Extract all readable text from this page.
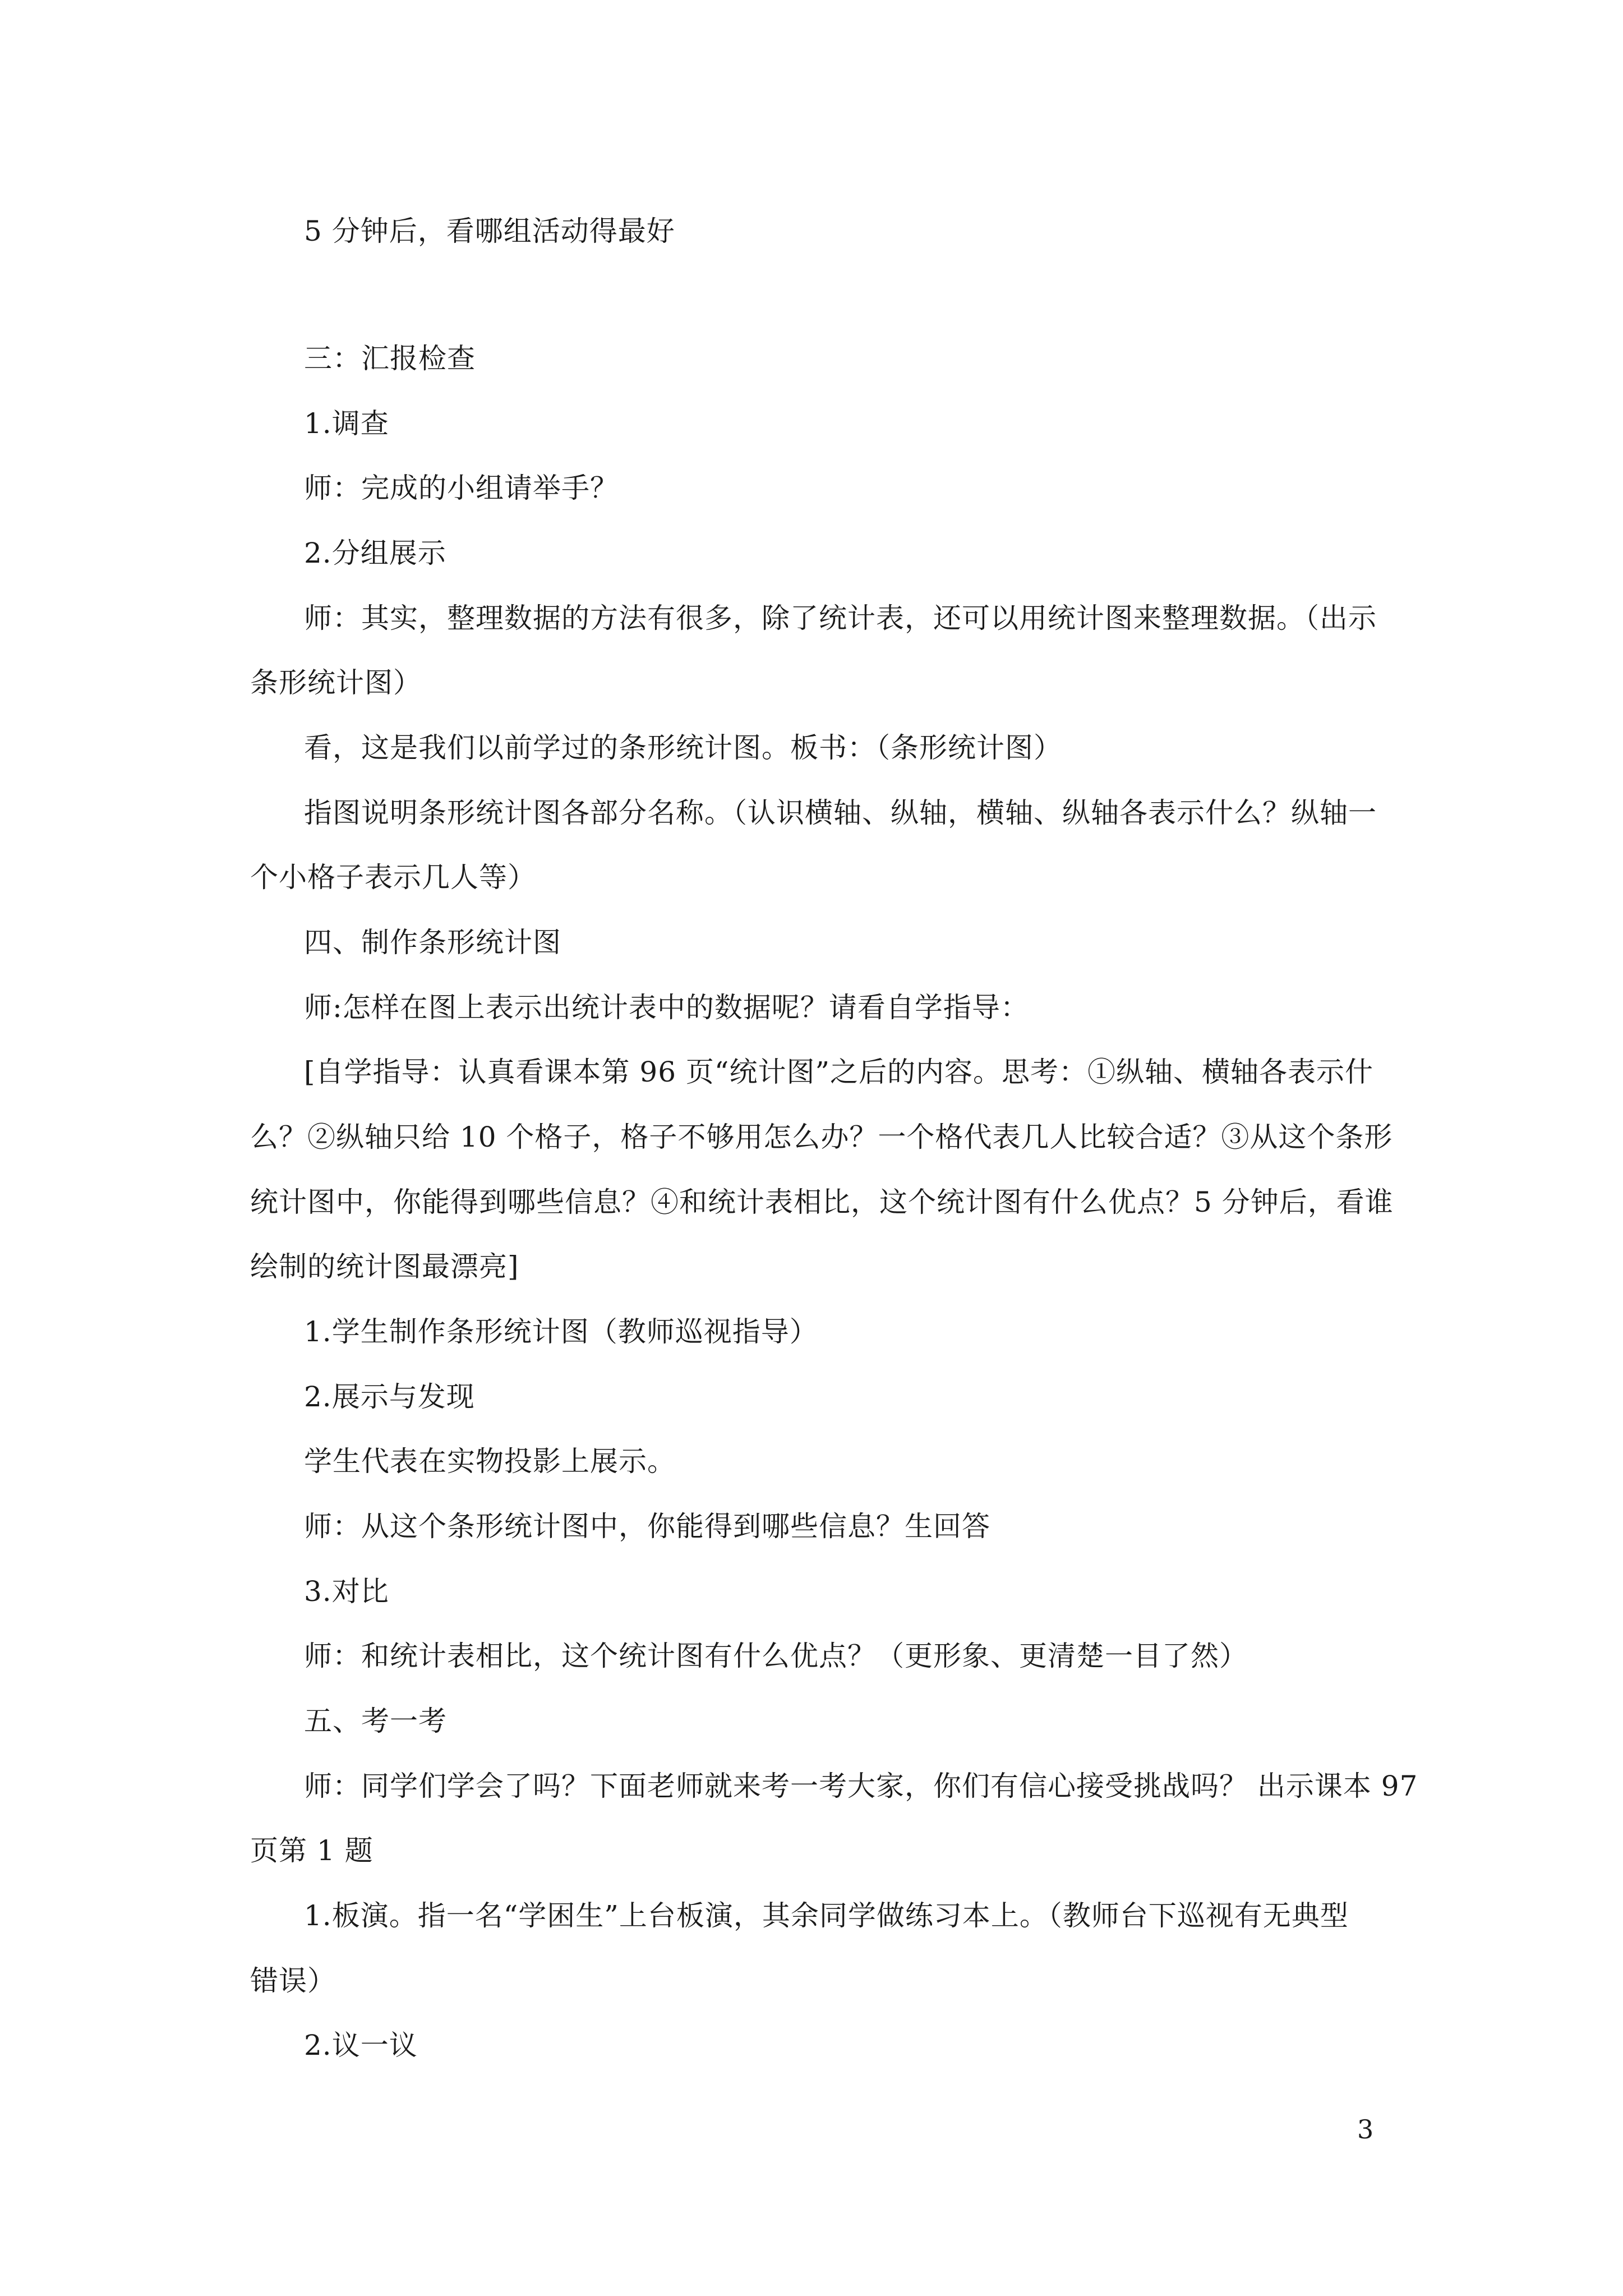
5 分钟后，看哪组活动得最好
三：汇报检查
1.调查
师：完成的小组请举手？
2.分组展示
师：其实，整理数据的方法有很多，除了统计表，还可以用统计图来整理数据。（出示
条形统计图）
看，这是我们以前学过的条形统计图。板书：（条形统计图）
指图说明条形统计图各部分名称。（认识横轴、纵轴，横轴、纵轴各表示什么？纵轴一
个小格子表示几人等）
四、制作条形统计图
师:怎样在图上表示出统计表中的数据呢？请看自学指导：
[自学指导：认真看课本第 96 页“统计图”之后的内容。思考：①纵轴、横轴各表示什
么？②纵轴只给 10 个格子，格子不够用怎么办？一个格代表几人比较合适？③从这个条形
统计图中，你能得到哪些信息？④和统计表相比，这个统计图有什么优点？5 分钟后，看谁
绘制的统计图最漂亮]
1.学生制作条形统计图（教师巡视指导）
2.展示与发现
学生代表在实物投影上展示。
师：从这个条形统计图中，你能得到哪些信息？生回答
3.对比
师：和统计表相比，这个统计图有什么优点？（更形象、更清楚一目了然）
五、考一考
师：同学们学会了吗？下面老师就来考一考大家，你们有信心接受挑战吗？ 出示课本 97
页第 1 题
1.板演。指一名“学困生”上台板演，其余同学做练习本上。（教师台下巡视有无典型
错误）
2.议一议
3
